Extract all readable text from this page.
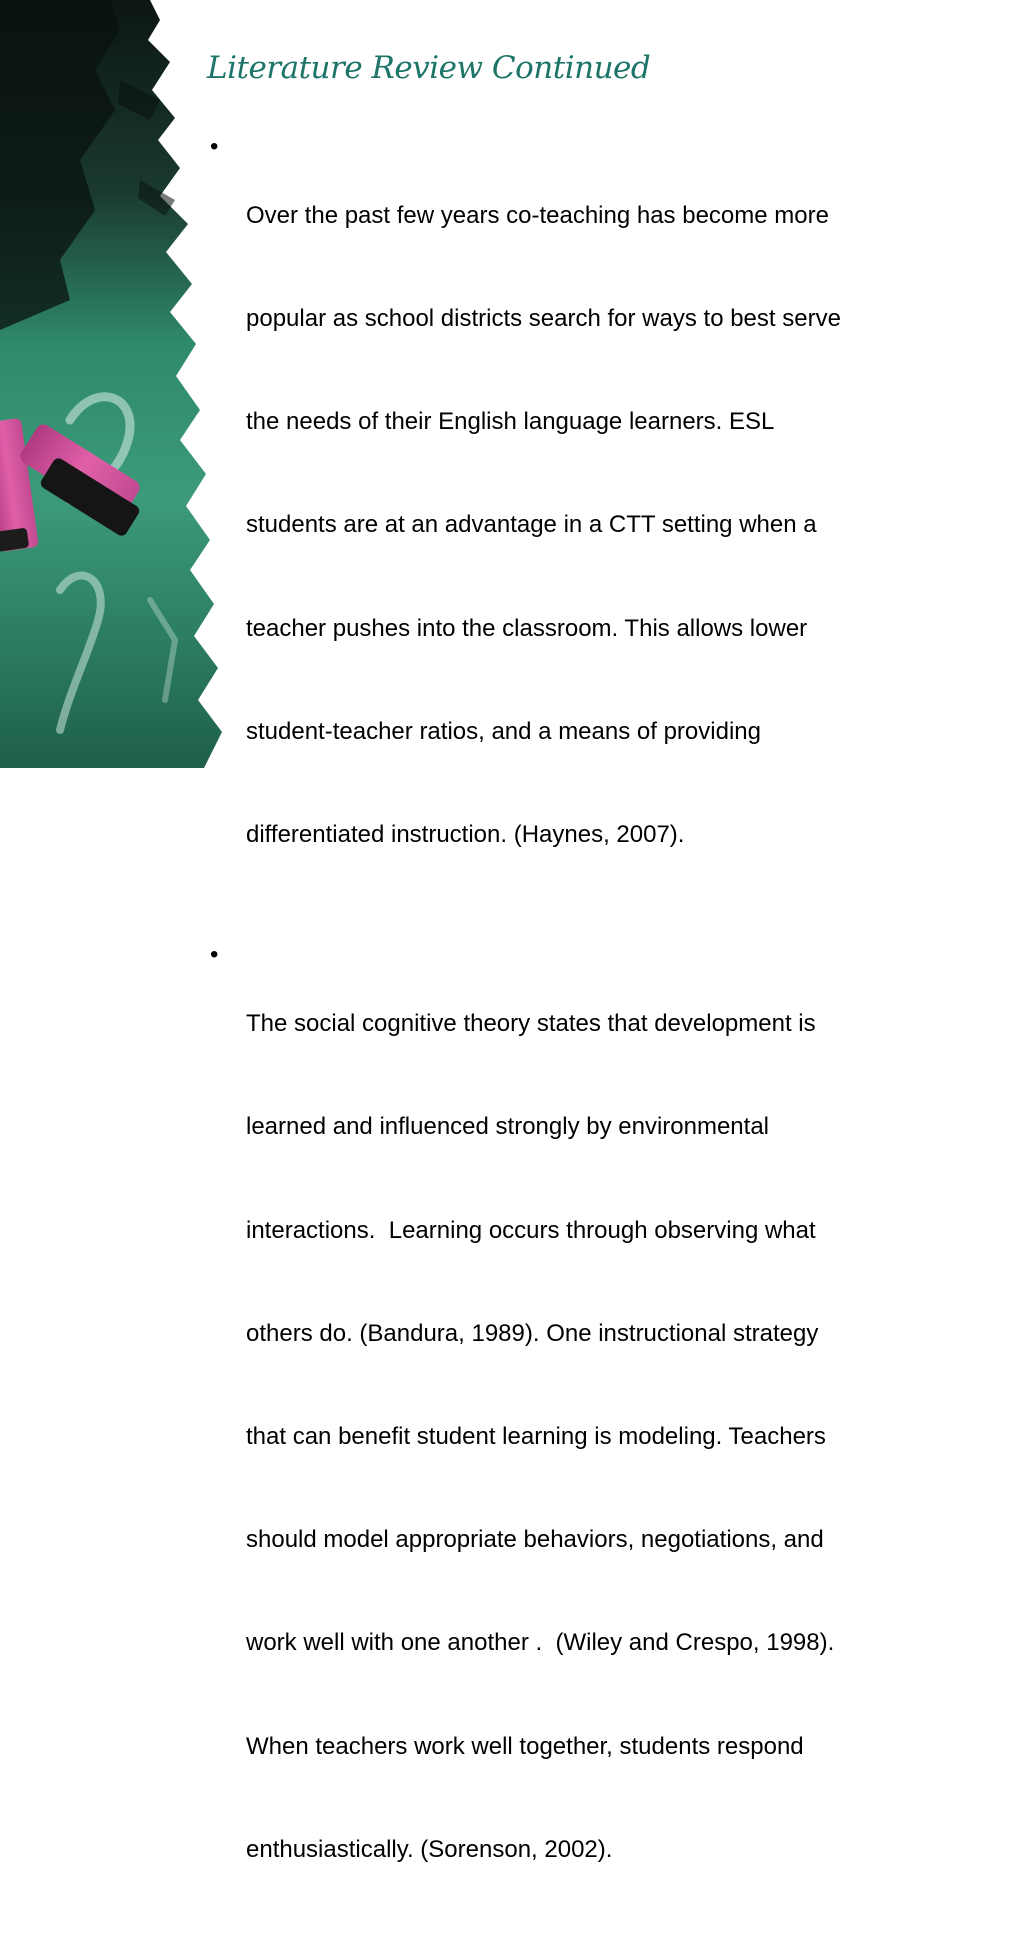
Literature Review Continued
•

Over the past few years co-teaching has become more

popular as school districts search for ways to best serve

the needs of their English language learners. ESL

students are at an advantage in a CTT setting when a

teacher pushes into the classroom. This allows lower

student-teacher ratios, and a means of providing

differentiated instruction. (Haynes, 2007).

•

The social cognitive theory states that development is

learned and influenced strongly by environmental

interactions.  Learning occurs through observing what

others do. (Bandura, 1989). One instructional strategy

that can benefit student learning is modeling. Teachers

should model appropriate behaviors, negotiations, and

work well with one another .  (Wiley and Crespo, 1998).

When teachers work well together, students respond

enthusiastically. (Sorenson, 2002).
